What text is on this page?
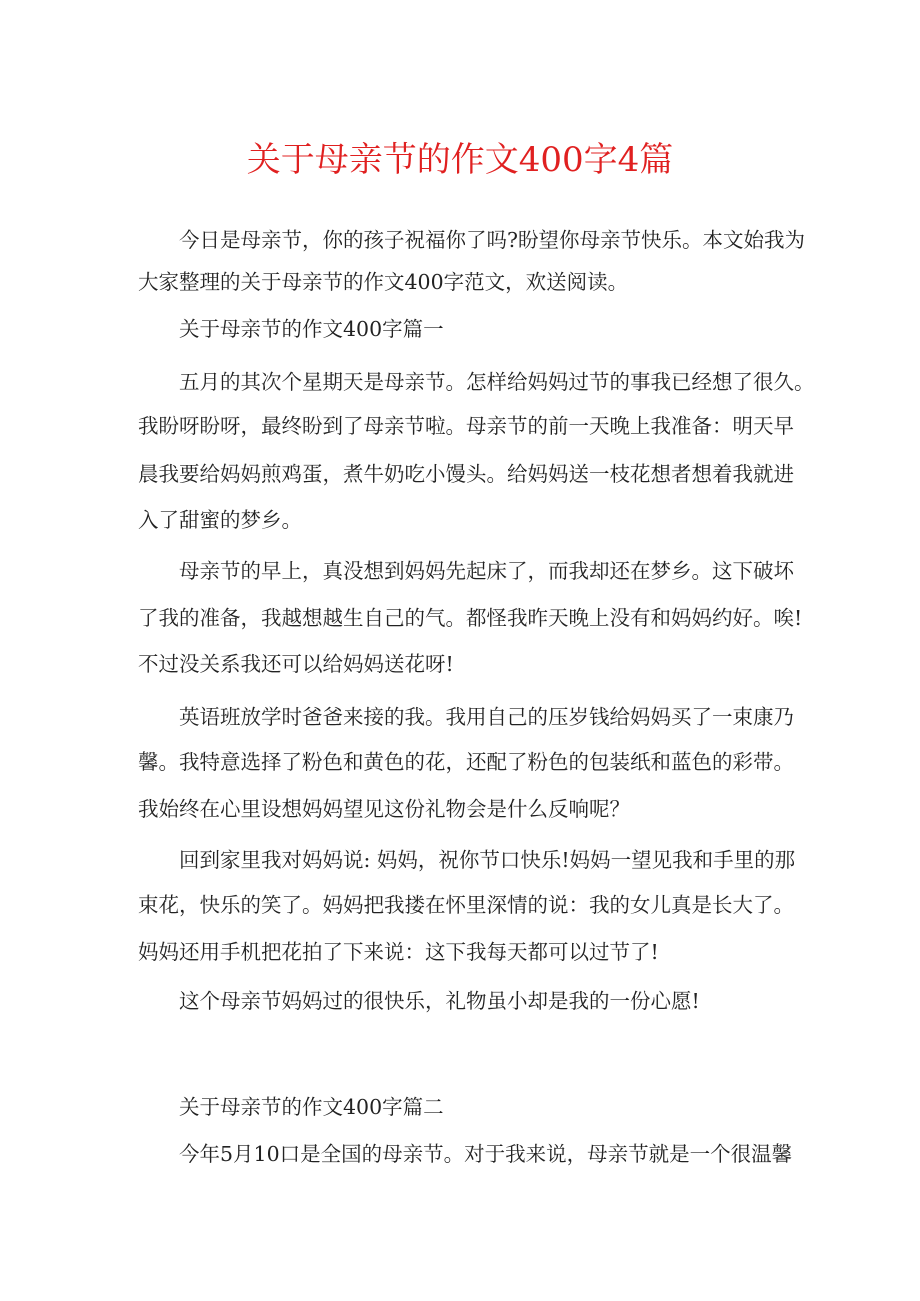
关于母亲节的作文400字4篇
今日是母亲节，你的孩子祝福你了吗?盼望你母亲节快乐。本文始我为
大家整理的关于母亲节的作文400字范文，欢送阅读。
关于母亲节的作文400字篇一
五月的其次个星期天是母亲节。怎样给妈妈过节的事我已经想了很久。
我盼呀盼呀，最终盼到了母亲节啦。母亲节的前一天晚上我准备：明天早
晨我要给妈妈煎鸡蛋，煮牛奶吃小馒头。给妈妈送一枝花想者想着我就进
入了甜蜜的梦乡。
母亲节的早上，真没想到妈妈先起床了，而我却还在梦乡。这下破坏
了我的准备，我越想越生自己的气。都怪我昨天晚上没有和妈妈约好。唉!
不过没关系我还可以给妈妈送花呀!
英语班放学时爸爸来接的我。我用自己的压岁钱给妈妈买了一束康乃
馨。我特意选择了粉色和黄色的花，还配了粉色的包装纸和蓝色的彩带。
我始终在心里设想妈妈望见这份礼物会是什么反响呢？
回到家里我对妈妈说: 妈妈，祝你节口快乐!妈妈一望见我和手里的那
束花，快乐的笑了。妈妈把我搂在怀里深情的说：我的女儿真是长大了。
妈妈还用手机把花拍了下来说：这下我每天都可以过节了!
这个母亲节妈妈过的很快乐，礼物虽小却是我的一份心愿!
关于母亲节的作文400字篇二
今年5月10口是全国的母亲节。对于我来说，母亲节就是一个很温馨
